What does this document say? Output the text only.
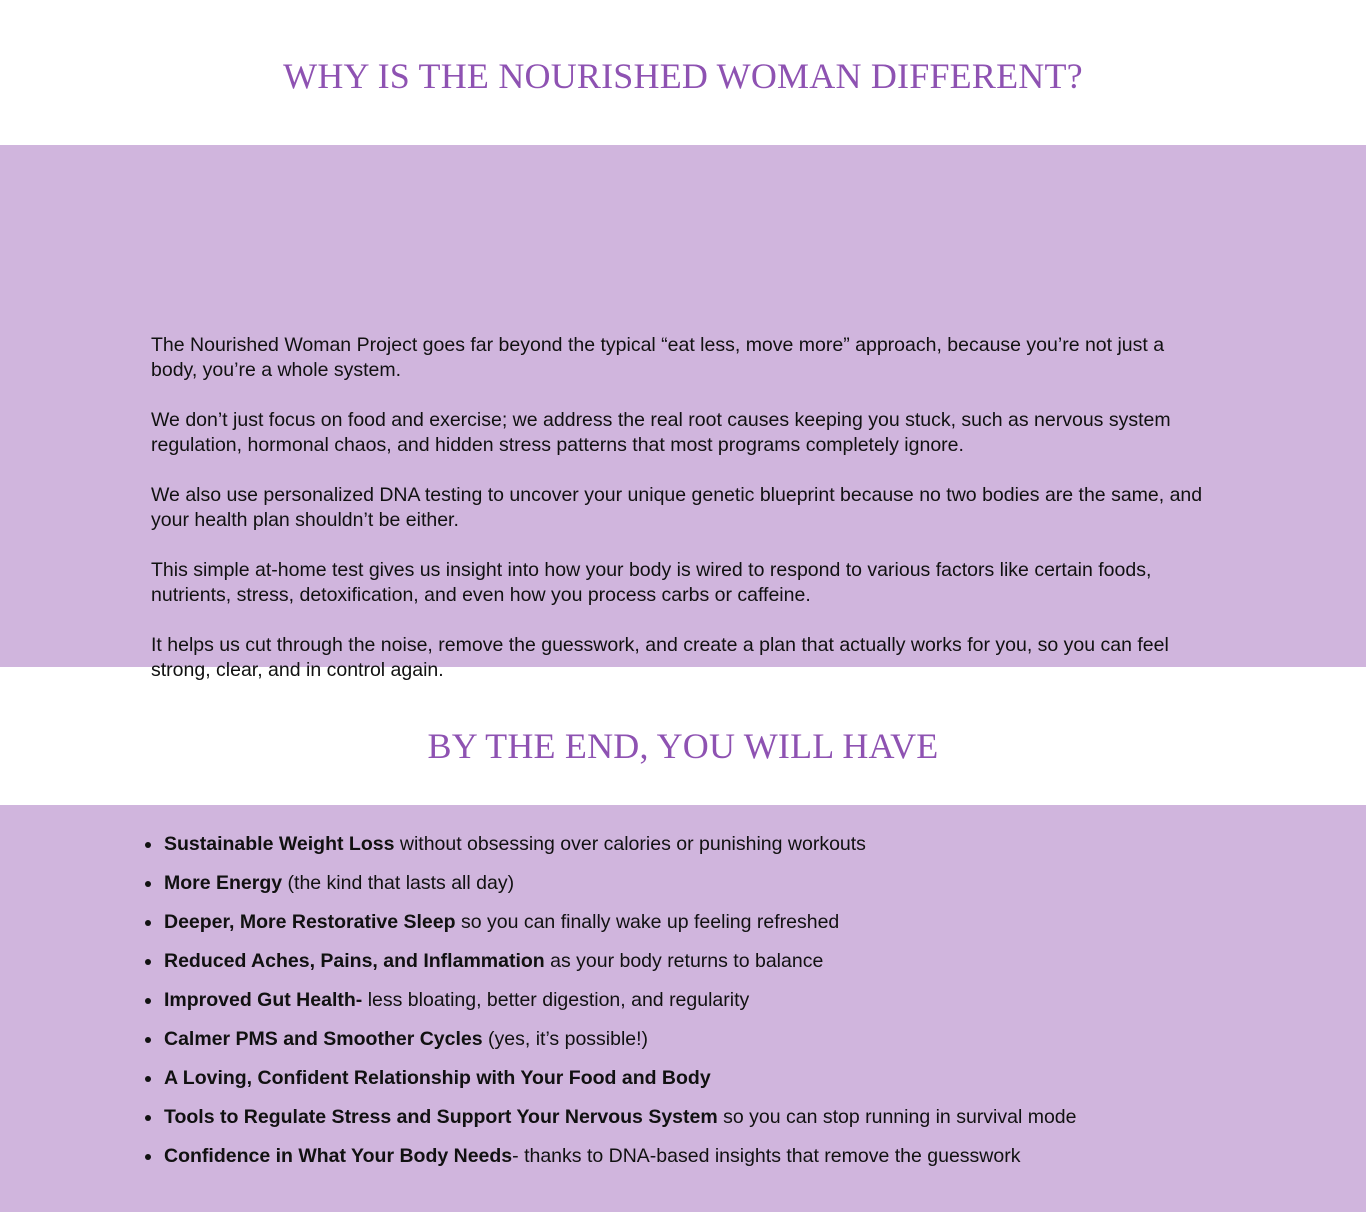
WHY IS THE NOURISHED WOMAN DIFFERENT?

The Nourished Woman Project goes far beyond the typical “eat less, move more” approach, because you’re not just a body, you’re a whole system.

We don’t just focus on food and exercise; we address the real root causes keeping you stuck, such as nervous system regulation, hormonal chaos, and hidden stress patterns that most programs completely ignore.

We also use personalized DNA testing to uncover your unique genetic blueprint because no two bodies are the same, and your health plan shouldn’t be either.

This simple at-home test gives us insight into how your body is wired to respond to various factors like certain foods, nutrients, stress, detoxification, and even how you process carbs or caffeine.

It helps us cut through the noise, remove the guesswork, and create a plan that actually works for you, so you can feel strong, clear, and in control again.

BY THE END, YOU WILL HAVE
Sustainable Weight Loss without obsessing over calories or punishing workouts
More Energy (the kind that lasts all day)
Deeper, More Restorative Sleep so you can finally wake up feeling refreshed
Reduced Aches, Pains, and Inflammation as your body returns to balance
Improved Gut Health- less bloating, better digestion, and regularity
Calmer PMS and Smoother Cycles (yes, it’s possible!)
A Loving, Confident Relationship with Your Food and Body
Tools to Regulate Stress and Support Your Nervous System so you can stop running in survival mode
Confidence in What Your Body Needs- thanks to DNA-based insights that remove the guesswork
